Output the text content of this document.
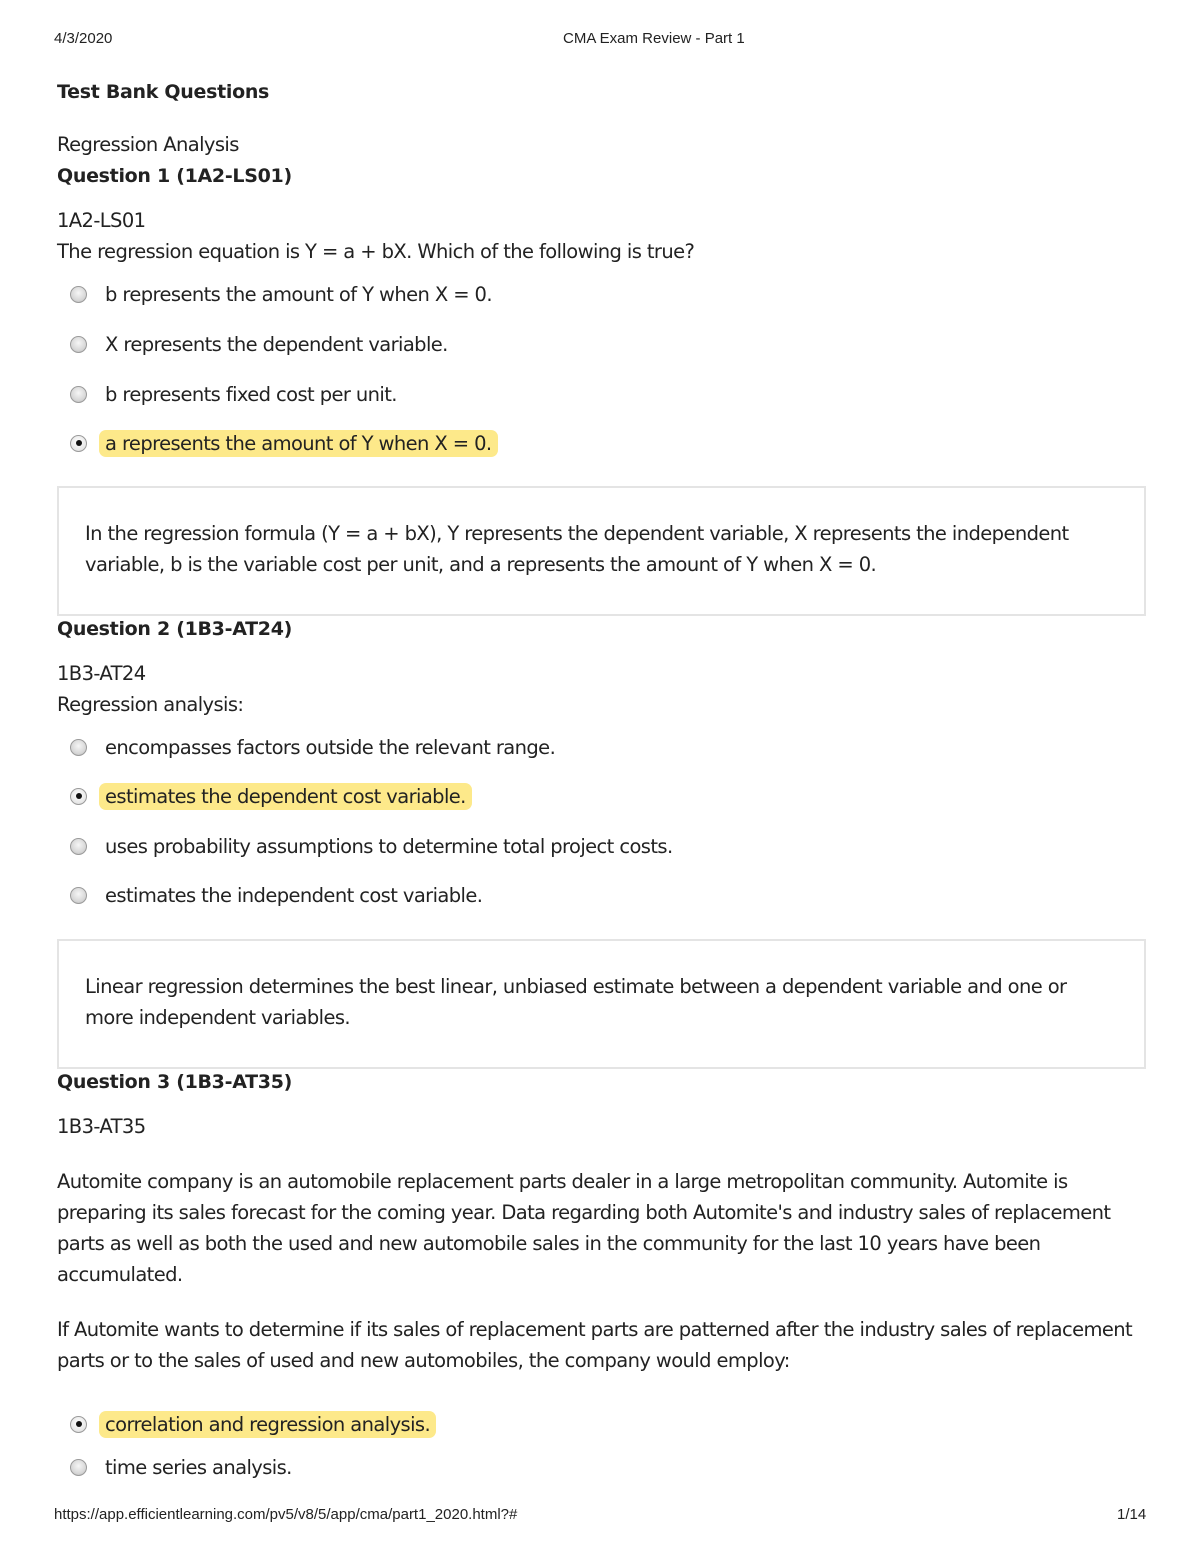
4/3/2020	CMA Exam Review - Part 1
Test Bank Questions
Regression Analysis
Question 1 (1A2-LS01)
1A2-LS01
The regression equation is Y = a + bX. Which of the following is true?
b represents the amount of Y when X = 0.
X represents the dependent variable.
b represents fixed cost per unit.
a represents the amount of Y when X = 0.
In the regression formula (Y = a + bX), Y represents the dependent variable, X represents the independent variable, b is the variable cost per unit, and a represents the amount of Y when X = 0.
Question 2 (1B3-AT24)
1B3-AT24
Regression analysis:
encompasses factors outside the relevant range.
estimates the dependent cost variable.
uses probability assumptions to determine total project costs.
estimates the independent cost variable.
Linear regression determines the best linear, unbiased estimate between a dependent variable and one or more independent variables.
Question 3 (1B3-AT35)
1B3-AT35
Automite company is an automobile replacement parts dealer in a large metropolitan community. Automite is preparing its sales forecast for the coming year. Data regarding both Automite's and industry sales of replacement parts as well as both the used and new automobile sales in the community for the last 10 years have been accumulated.
If Automite wants to determine if its sales of replacement parts are patterned after the industry sales of replacement parts or to the sales of used and new automobiles, the company would employ:
correlation and regression analysis.
time series analysis.
https://app.efficientlearning.com/pv5/v8/5/app/cma/part1_2020.html?#	1/14
